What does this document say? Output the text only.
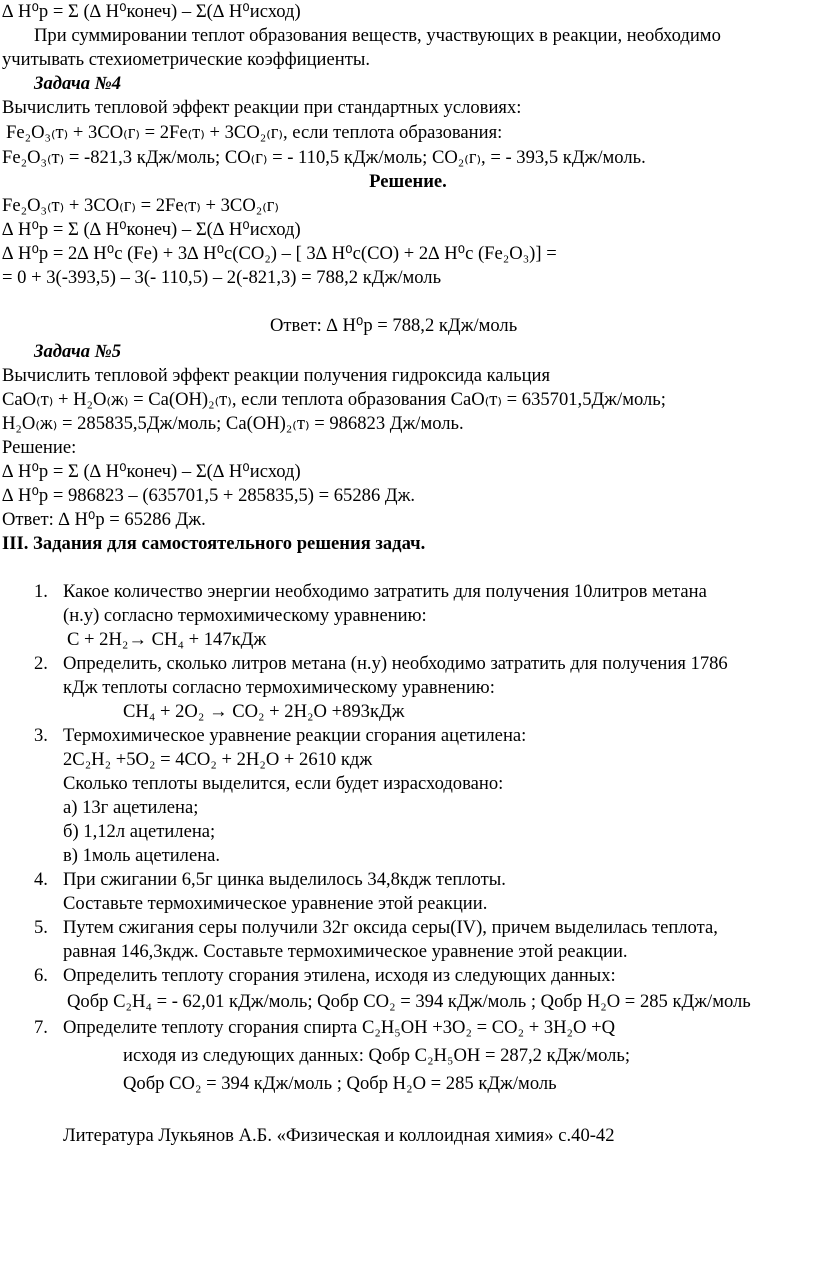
∆ H⁰р = Σ (∆ H⁰конеч) – Σ(∆ H⁰исход)
При суммировании теплот образования веществ, участвующих в реакции, необходимо
учитывать стехиометрические коэффициенты.
Задача №4
Вычислить тепловой эффект реакции при стандартных условиях:
Fe₂O₃₍т₎ + 3CO₍г₎ = 2Fe₍т₎ + 3CO₂₍г₎, если теплота образования:
Fe₂O₃₍т₎ = -821,3 кДж/моль; CO₍г₎ = - 110,5 кДж/моль; CO₂₍г₎, = - 393,5 кДж/моль.
Решение.
Fe₂O₃₍т₎ + 3CO₍г₎ = 2Fe₍т₎ + 3CO₂₍г₎
∆ H⁰р = Σ (∆ H⁰конеч) – Σ(∆ H⁰исход)
∆ H⁰р = 2∆ H⁰с (Fe) + 3∆ H⁰с(CO₂) – [ 3∆ H⁰с(CO) + 2∆ H⁰с (Fe₂O₃)] =
= 0 + 3(-393,5) – 3(- 110,5) – 2(-821,3) = 788,2 кДж/моль
Ответ: ∆ H⁰р = 788,2 кДж/моль
Задача №5
Вычислить тепловой эффект реакции получения гидроксида кальция
CaO₍т₎ + H₂O₍ж₎ = Ca(OH)₂₍т₎, если теплота образования CaO₍т₎ = 635701,5Дж/моль;
H₂O₍ж₎ = 285835,5Дж/моль; Ca(OH)₂₍т₎ = 986823 Дж/моль.
Решение:
∆ H⁰р = Σ (∆ H⁰конеч) – Σ(∆ H⁰исход)
∆ H⁰р = 986823 – (635701,5 + 285835,5) = 65286 Дж.
Ответ: ∆ H⁰р = 65286 Дж.
III. Задания для самостоятельного решения задач.
1. Какое количество энергии необходимо затратить для получения 10литров метана
(н.у) согласно термохимическому уравнению:
С + 2H₂→ CH₄ + 147кДж
2. Определить, сколько литров метана (н.у) необходимо затратить для получения 1786
кДж теплоты согласно термохимическому уравнению:
CH₄ + 2O₂ → CO₂ + 2H₂O +893кДж
3. Термохимическое уравнение реакции сгорания ацетилена:
2C₂H₂ +5O₂ = 4CO₂ + 2H₂O + 2610 кдж
Сколько теплоты выделится, если будет израсходовано:
а) 13г ацетилена;
б) 1,12л ацетилена;
в) 1моль ацетилена.
4. При сжигании 6,5г цинка выделилось 34,8кдж теплоты.
Составьте термохимическое уравнение этой реакции.
5. Путем сжигания серы получили 32г оксида серы(IV), причем выделилась теплота,
равная 146,3кдж. Составьте термохимическое уравнение этой реакции.
6. Определить теплоту сгорания этилена, исходя из следующих данных:
Qобр C₂H₄ = - 62,01 кДж/моль; Qобр CO₂ = 394 кДж/моль ; Qобр H₂O = 285 кДж/моль
7. Определите теплоту сгорания спирта C₂H₅OH +3O₂ = CO₂ + 3H₂O +Q
исходя из следующих данных: Qобр C₂H₅OH = 287,2 кДж/моль;
Qобр CO₂ = 394 кДж/моль ; Qобр H₂O = 285 кДж/моль
Литература Лукьянов А.Б. «Физическая и коллоидная химия» с.40-42
